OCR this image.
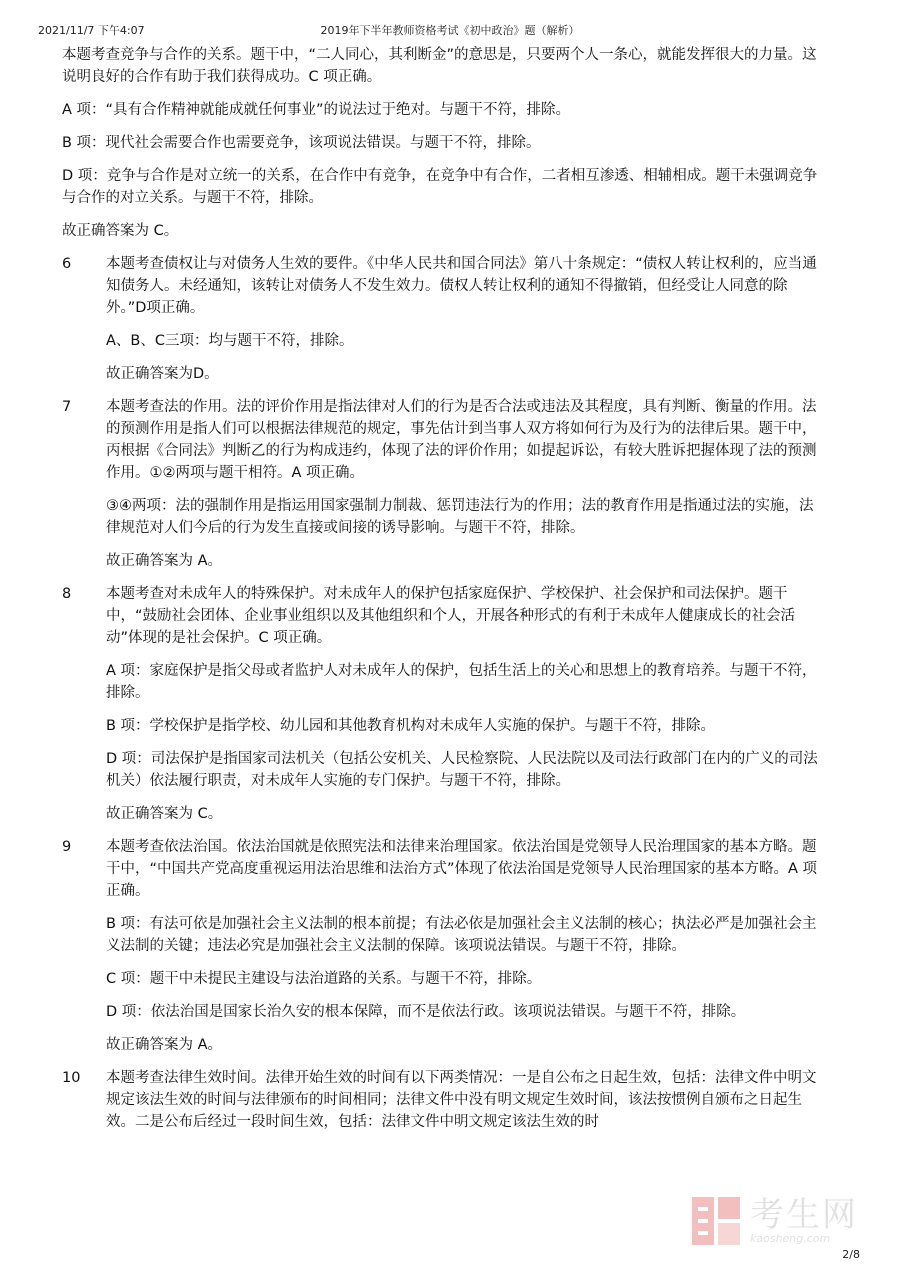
2021/11/7 下午4:07	2019年下半年教师资格考试《初中政治》题（解析）

本题考查竞争与合作的关系。题干中，“二人同心，其利断金”的意思是，只要两个人一条心，就能发挥很大的力量。这说明良好的合作有助于我们获得成功。C 项正确。

A 项：“具有合作精神就能成就任何事业”的说法过于绝对。与题干不符，排除。

B 项：现代社会需要合作也需要竞争，该项说法错误。与题干不符，排除。

D 项：竞争与合作是对立统一的关系，在合作中有竞争，在竞争中有合作，二者相互渗透、相辅相成。题干未强调竞争与合作的对立关系。与题干不符，排除。

故正确答案为 C。

6	本题考查债权让与对债务人生效的要件。《中华人民共和国合同法》第八十条规定：“债权人转让权利的，应当通知债务人。未经通知，该转让对债务人不发生效力。债权人转让权利的通知不得撤销，但经受让人同意的除外。”D项正确。

A、B、C三项：均与题干不符，排除。

故正确答案为D。

7	本题考查法的作用。法的评价作用是指法律对人们的行为是否合法或违法及其程度，具有判断、衡量的作用。法的预测作用是指人们可以根据法律规范的规定，事先估计到当事人双方将如何行为及行为的法律后果。题干中，丙根据《合同法》判断乙的行为构成违约，体现了法的评价作用；如提起诉讼，有较大胜诉把握体现了法的预测作用。①②两项与题干相符。A 项正确。

③④两项：法的强制作用是指运用国家强制力制裁、惩罚违法行为的作用；法的教育作用是指通过法的实施，法律规范对人们今后的行为发生直接或间接的诱导影响。与题干不符，排除。

故正确答案为 A。

8	本题考查对未成年人的特殊保护。对未成年人的保护包括家庭保护、学校保护、社会保护和司法保护。题干中，“鼓励社会团体、企业事业组织以及其他组织和个人，开展各种形式的有利于未成年人健康成长的社会活动”体现的是社会保护。C 项正确。

A 项：家庭保护是指父母或者监护人对未成年人的保护，包括生活上的关心和思想上的教育培养。与题干不符，排除。

B 项：学校保护是指学校、幼儿园和其他教育机构对未成年人实施的保护。与题干不符，排除。

D 项：司法保护是指国家司法机关（包括公安机关、人民检察院、人民法院以及司法行政部门在内的广义的司法机关）依法履行职责，对未成年人实施的专门保护。与题干不符，排除。

故正确答案为 C。

9	本题考查依法治国。依法治国就是依照宪法和法律来治理国家。依法治国是党领导人民治理国家的基本方略。题干中，“中国共产党高度重视运用法治思维和法治方式”体现了依法治国是党领导人民治理国家的基本方略。A 项正确。

B 项：有法可依是加强社会主义法制的根本前提；有法必依是加强社会主义法制的核心；执法必严是加强社会主义法制的关键；违法必究是加强社会主义法制的保障。该项说法错误。与题干不符，排除。

C 项：题干中未提民主建设与法治道路的关系。与题干不符，排除。

D 项：依法治国是国家长治久安的根本保障，而不是依法行政。该项说法错误。与题干不符，排除。

故正确答案为 A。

10	本题考查法律生效时间。法律开始生效的时间有以下两类情况：一是自公布之日起生效，包括：法律文件中明文规定该法生效的时间与法律颁布的时间相同；法律文件中没有明文规定生效时间，该法按惯例自颁布之日起生效。二是公布后经过一段时间生效，包括：法律文件中明文规定该法生效的时

考生网
kaosheng.com
2/8
